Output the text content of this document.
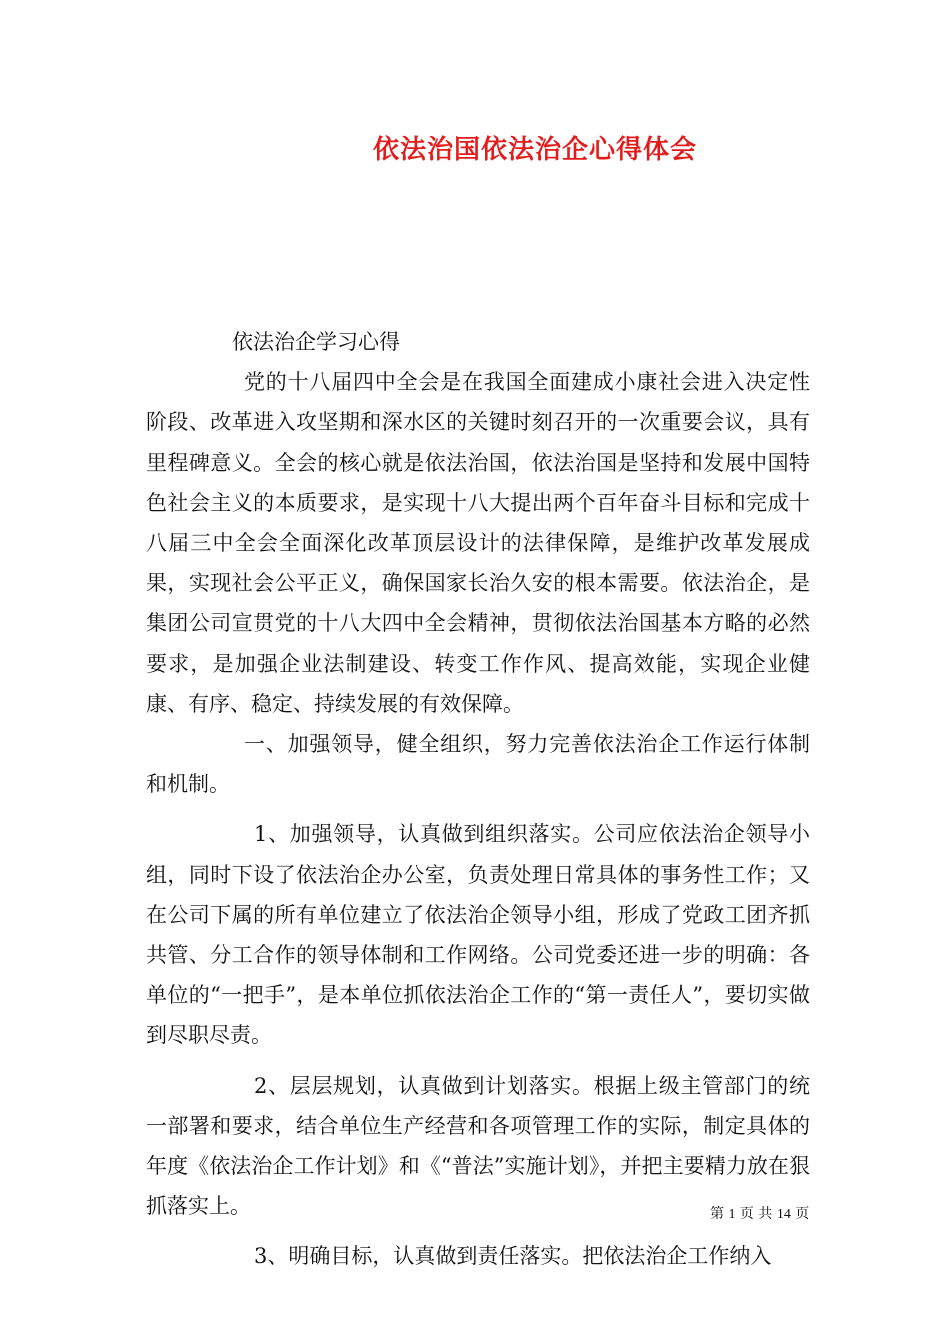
依法治国依法治企心得体会

依法治企学习心得

党的十八届四中全会是在我国全面建成小康社会进入决定性阶段、改革进入攻坚期和深水区的关键时刻召开的一次重要会议，具有里程碑意义。全会的核心就是依法治国，依法治国是坚持和发展中国特色社会主义的本质要求，是实现十八大提出两个百年奋斗目标和完成十八届三中全会全面深化改革顶层设计的法律保障，是维护改革发展成果，实现社会公平正义，确保国家长治久安的根本需要。依法治企，是集团公司宣贯党的十八大四中全会精神，贯彻依法治国基本方略的必然要求，是加强企业法制建设、转变工作作风、提高效能，实现企业健康、有序、稳定、持续发展的有效保障。

一、加强领导，健全组织，努力完善依法治企工作运行体制和机制。

1、加强领导，认真做到组织落实。公司应依法治企领导小组，同时下设了依法治企办公室，负责处理日常具体的事务性工作；又在公司下属的所有单位建立了依法治企领导小组，形成了党政工团齐抓共管、分工合作的领导体制和工作网络。公司党委还进一步的明确：各单位的“一把手”，是本单位抓依法治企工作的“第一责任人”，要切实做到尽职尽责。

2、层层规划，认真做到计划落实。根据上级主管部门的统一部署和要求，结合单位生产经营和各项管理工作的实际，制定具体的年度《依法治企工作计划》和《“普法”实施计划》，并把主要精力放在狠抓落实上。

3、明确目标，认真做到责任落实。把依法治企工作纳入

第 1 页 共 14 页
